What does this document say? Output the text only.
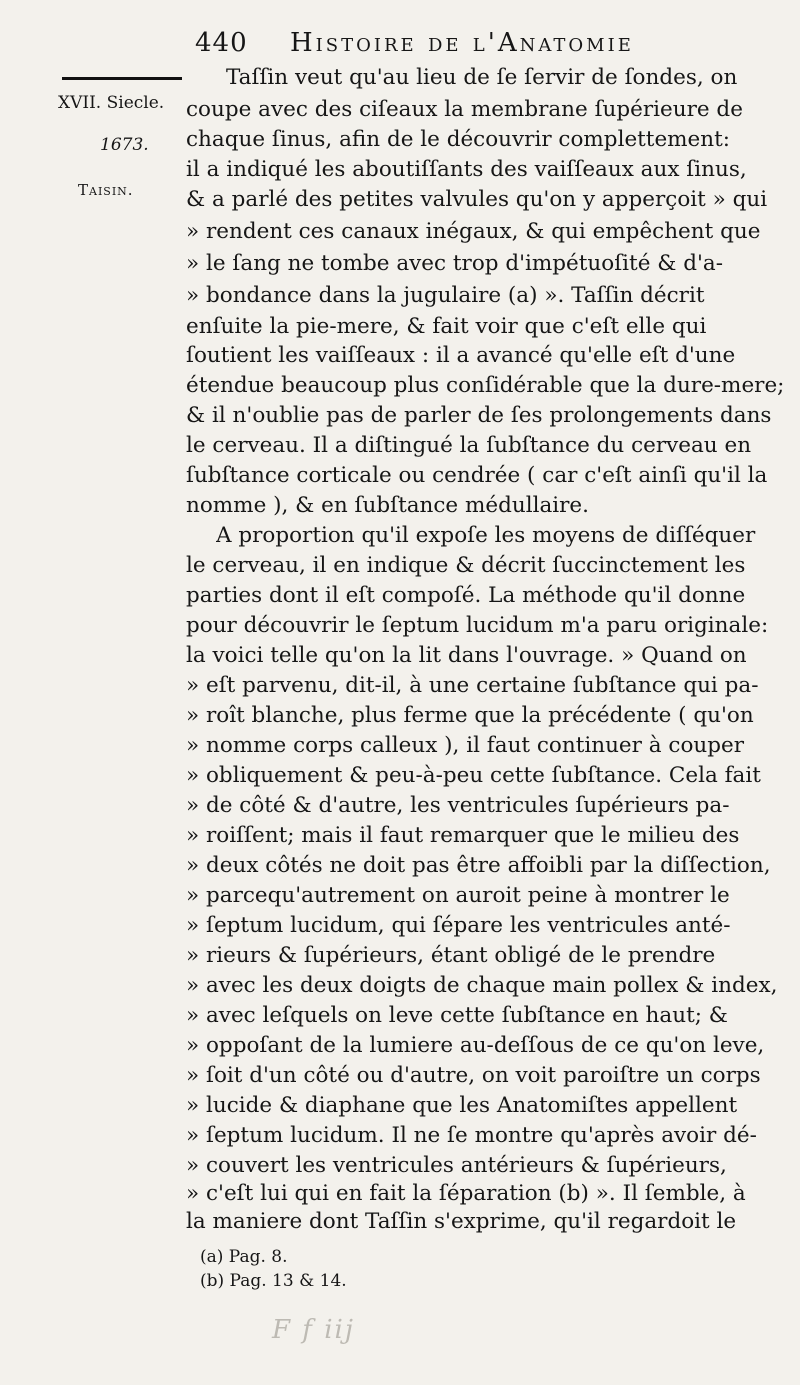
440 Histoire de l'Anatomie
XVII. Siecle.
1673.
Taisin.
Taſſin veut qu'au lieu de ſe ſervir de ſondes, on
coupe avec des ciſeaux la membrane ſupérieure de
chaque ſinus, afin de le découvrir complettement:
il a indiqué les aboutiſſants des vaiſſeaux aux ſinus,
& a parlé des petites valvules qu'on y apperçoit » qui
» rendent ces canaux inégaux, & qui empêchent que
» le ſang ne tombe avec trop d'impétuoſité & d'a-
» bondance dans la jugulaire (a) ». Taſſin décrit
enſuite la pie-mere, & fait voir que c'eſt elle qui
ſoutient les vaiſſeaux : il a avancé qu'elle eſt d'une
étendue beaucoup plus conſidérable que la dure-mere;
& il n'oublie pas de parler de ſes prolongements dans
le cerveau. Il a diſtingué la ſubſtance du cerveau en
ſubſtance corticale ou cendrée ( car c'eſt ainſi qu'il la
nomme ), & en ſubſtance médullaire.
A proportion qu'il expoſe les moyens de diſſéquer
le cerveau, il en indique & décrit ſuccinctement les
parties dont il eſt compoſé. La méthode qu'il donne
pour découvrir le ſeptum lucidum m'a paru originale:
la voici telle qu'on la lit dans l'ouvrage. » Quand on
» eſt parvenu, dit-il, à une certaine ſubſtance qui pa-
» roît blanche, plus ferme que la précédente ( qu'on
» nomme corps calleux ), il faut continuer à couper
» obliquement & peu-à-peu cette ſubſtance. Cela fait
» de côté & d'autre, les ventricules ſupérieurs pa-
» roiſſent; mais il faut remarquer que le milieu des
» deux côtés ne doit pas être affoibli par la diſſection,
» parcequ'autrement on auroit peine à montrer le
» ſeptum lucidum, qui ſépare les ventricules anté-
» rieurs & ſupérieurs, étant obligé de le prendre
» avec les deux doigts de chaque main pollex & index,
» avec leſquels on leve cette ſubſtance en haut; &
» oppoſant de la lumiere au-deſſous de ce qu'on leve,
» ſoit d'un côté ou d'autre, on voit paroiſtre un corps
» lucide & diaphane que les Anatomiſtes appellent
» ſeptum lucidum. Il ne ſe montre qu'après avoir dé-
» couvert les ventricules antérieurs & ſupérieurs,
» c'eſt lui qui en fait la ſéparation (b) ». Il ſemble, à
la maniere dont Taſſin s'exprime, qu'il regardoit le
(a) Pag. 8.
(b) Pag. 13 & 14.
F f iij
